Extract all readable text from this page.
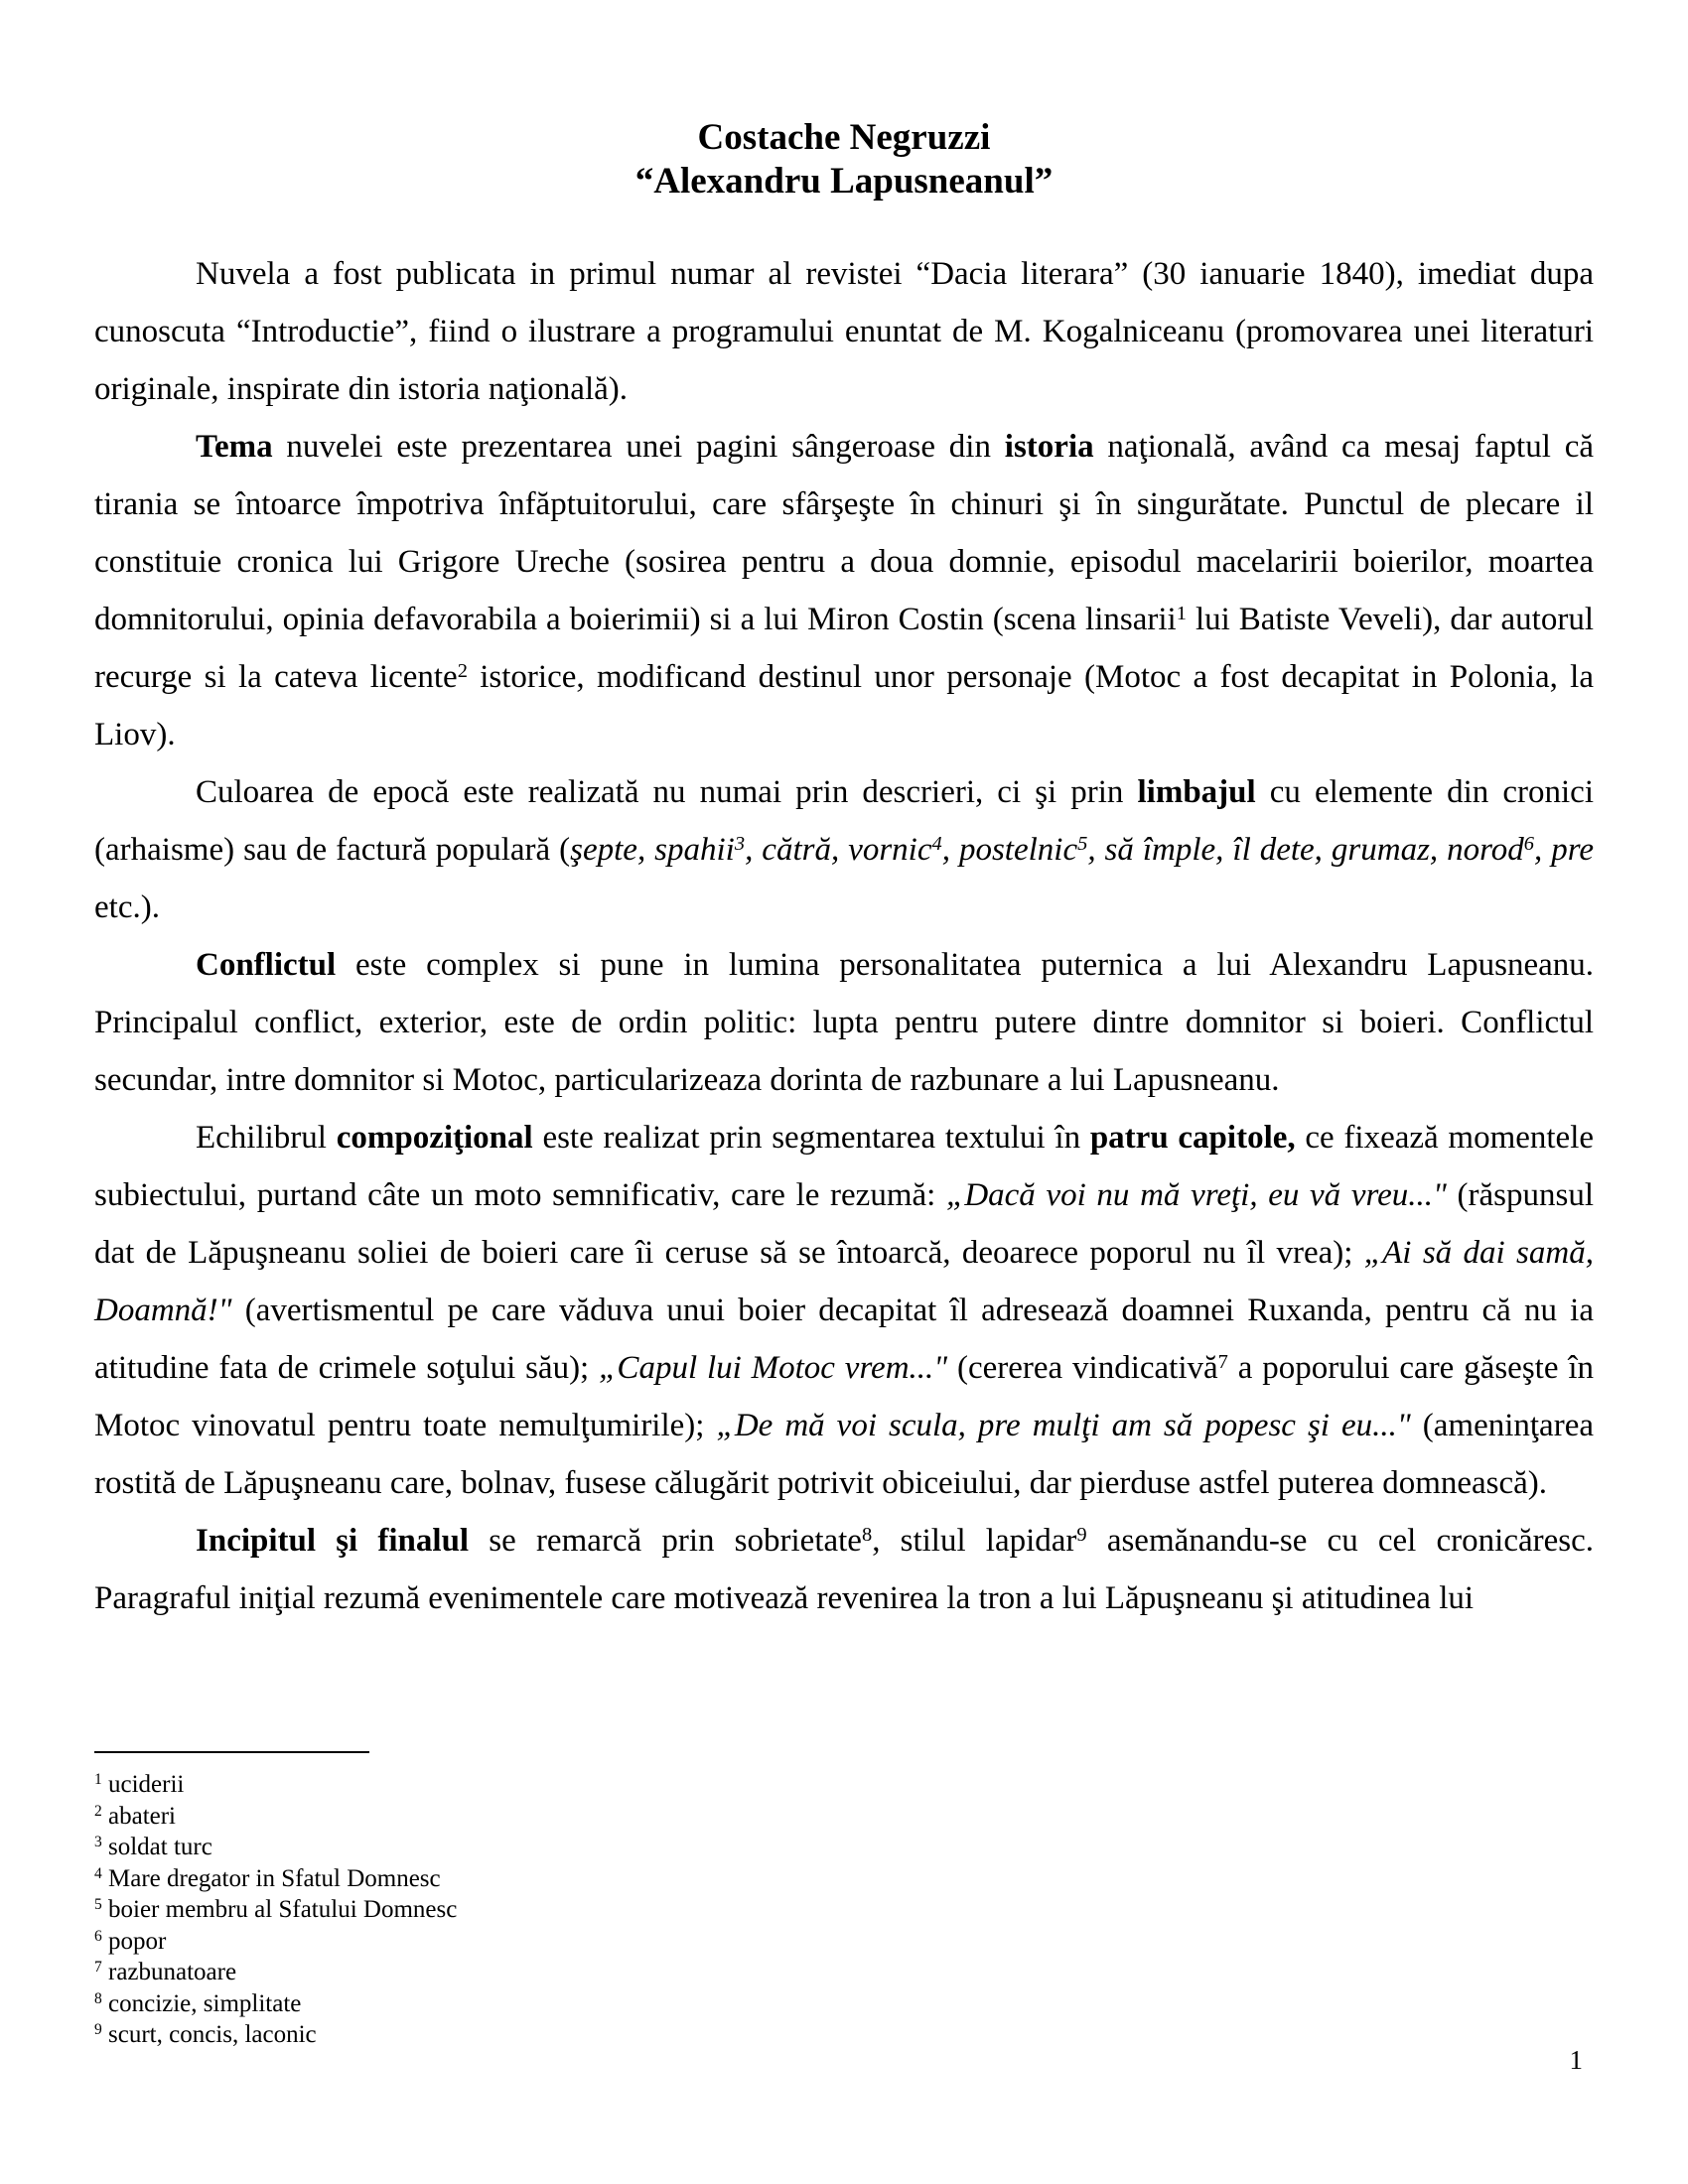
Costache Negruzzi
“Alexandru Lapusneanul”

Nuvela a fost publicata in primul numar al revistei “Dacia literara” (30 ianuarie 1840), imediat dupa cunoscuta “Introductie”, fiind o ilustrare a programului enuntat de M. Kogalniceanu (promovarea unei literaturi originale, inspirate din istoria naţională).

Tema nuvelei este prezentarea unei pagini sângeroase din istoria naţională, având ca mesaj faptul că tirania se întoarce împotriva înfăptuitorului, care sfârşeşte în chinuri şi în singurătate. Punctul de plecare il constituie cronica lui Grigore Ureche (sosirea pentru a doua domnie, episodul macelaririi boierilor, moartea domnitorului, opinia defavorabila a boierimii) si a lui Miron Costin (scena linsarii$^1$ lui Batiste Veveli), dar autorul recurge si la cateva licente$^2$ istorice, modificand destinul unor personaje (Motoc a fost decapitat in Polonia, la Liov).

Culoarea de epocă este realizată nu numai prin descrieri, ci şi prin limbajul cu elemente din cronici (arhaisme) sau de factură populară (şepte, spahii$^3$, cătră, vornic$^4$, postelnic$^5$, să împle, îl dete, grumaz, norod$^6$, pre etc.).

Conflictul este complex si pune in lumina personalitatea puternica a lui Alexandru Lapusneanu. Principalul conflict, exterior, este de ordin politic: lupta pentru putere dintre domnitor si boieri. Conflictul secundar, intre domnitor si Motoc, particularizeaza dorinta de razbunare a lui Lapusneanu.

Echilibrul compoziţional este realizat prin segmentarea textului în patru capitole, ce fixează momentele subiectului, purtand câte un moto semnificativ, care le rezumă: „Dacă voi nu mă vreţi, eu vă vreu..." (răspunsul dat de Lăpuşneanu soliei de boieri care îi ceruse să se întoarcă, deoarece poporul nu îl vrea); „Ai să dai samă, Doamnă!" (avertismentul pe care văduva unui boier decapitat îl adresează doamnei Ruxanda, pentru că nu ia atitudine fata de crimele soţului său); „Capul lui Motoc vrem..." (cererea vindicativă$^7$ a poporului care găseşte în Motoc vinovatul pentru toate nemulţumirile); „De mă voi scula, pre mulţi am să popesc şi eu..." (ameninţarea rostită de Lăpuşneanu care, bolnav, fusese călugărit potrivit obiceiului, dar pierduse astfel puterea domnească).

Incipitul şi finalul se remarcă prin sobrietate$^8$, stilul lapidar$^9$ asemănandu-se cu cel cronicăresc. Paragraful iniţial rezumă evenimentele care motivează revenirea la tron a lui Lăpuşneanu şi atitudinea lui

$^1$ uciderii
$^2$ abateri
$^3$ soldat turc
$^4$ Mare dregator in Sfatul Domnesc
$^5$ boier membru al Sfatului Domnesc
$^6$ popor
$^7$ razbunatoare
$^8$ concizie, simplitate
$^9$ scurt, concis, laconic
1
